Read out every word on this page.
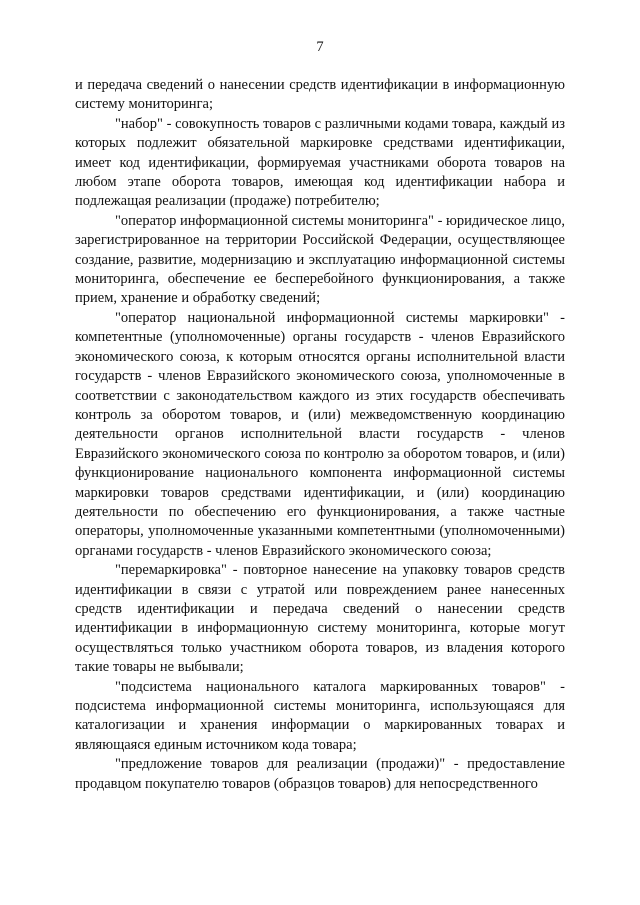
7

и передача сведений о нанесении средств идентификации в информационную систему мониторинга;

"набор" - совокупность товаров с различными кодами товара, каждый из которых подлежит обязательной маркировке средствами идентификации, имеет код идентификации, формируемая участниками оборота товаров на любом этапе оборота товаров, имеющая код идентификации набора и подлежащая реализации (продаже) потребителю;

"оператор информационной системы мониторинга" - юридическое лицо, зарегистрированное на территории Российской Федерации, осуществляющее создание, развитие, модернизацию и эксплуатацию информационной системы мониторинга, обеспечение ее бесперебойного функционирования, а также прием, хранение и обработку сведений;

"оператор национальной информационной системы маркировки" - компетентные (уполномоченные) органы государств - членов Евразийского экономического союза, к которым относятся органы исполнительной власти государств - членов Евразийского экономического союза, уполномоченные в соответствии с законодательством каждого из этих государств обеспечивать контроль за оборотом товаров, и (или) межведомственную координацию деятельности органов исполнительной власти государств - членов Евразийского экономического союза по контролю за оборотом товаров, и (или) функционирование национального компонента информационной системы маркировки товаров средствами идентификации, и (или) координацию деятельности по обеспечению его функционирования, а также частные операторы, уполномоченные указанными компетентными (уполномоченными) органами государств - членов Евразийского экономического союза;

"перемаркировка" - повторное нанесение на упаковку товаров средств идентификации в связи с утратой или повреждением ранее нанесенных средств идентификации и передача сведений о нанесении средств идентификации в информационную систему мониторинга, которые могут осуществляться только участником оборота товаров, из владения которого такие товары не выбывали;

"подсистема национального каталога маркированных товаров" - подсистема информационной системы мониторинга, использующаяся для каталогизации и хранения информации о маркированных товарах и являющаяся единым источником кода товара;

"предложение товаров для реализации (продажи)" - предоставление продавцом покупателю товаров (образцов товаров) для непосредственного
